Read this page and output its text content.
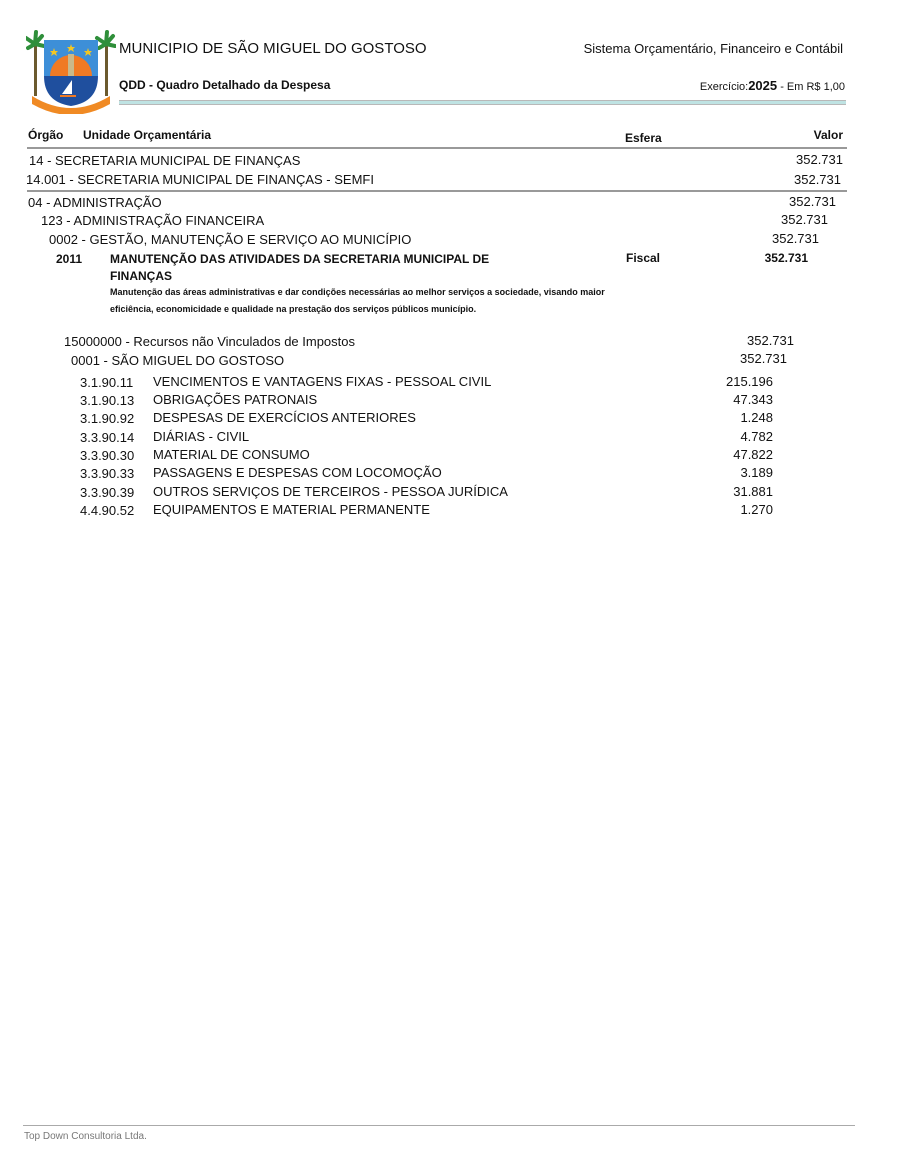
MUNICIPIO DE SÃO MIGUEL DO GOSTOSO
QDD - Quadro Detalhado da Despesa
Sistema Orçamentário, Financeiro e Contábil
Exercício:2025 - Em R$ 1,00
Órgão Unidade Orçamentária	Esfera	Valor
14 - SECRETARIA MUNICIPAL DE FINANÇAS	352.731
14.001 - SECRETARIA MUNICIPAL DE FINANÇAS - SEMFI	352.731
04 - ADMINISTRAÇÃO	352.731
123 - ADMINISTRAÇÃO FINANCEIRA	352.731
0002 - GESTÃO, MANUTENÇÃO E SERVIÇO AO MUNICÍPIO	352.731
2011 MANUTENÇÃO DAS ATIVIDADES DA SECRETARIA MUNICIPAL DE
FINANÇAS
Fiscal	352.731
Manutenção das áreas administrativas e dar condições necessárias ao melhor serviços a sociedade, visando maior eficiência, economicidade e qualidade na prestação dos serviços públicos município.
15000000 - Recursos não Vinculados de Impostos	352.731
0001 - SÃO MIGUEL DO GOSTOSO	352.731
3.1.90.11 VENCIMENTOS E VANTAGENS FIXAS - PESSOAL CIVIL	215.196
3.1.90.13 OBRIGAÇÕES PATRONAIS	47.343
3.1.90.92 DESPESAS DE EXERCÍCIOS ANTERIORES	1.248
3.3.90.14 DIÁRIAS - CIVIL	4.782
3.3.90.30 MATERIAL DE CONSUMO	47.822
3.3.90.33 PASSAGENS E DESPESAS COM LOCOMOÇÃO	3.189
3.3.90.39 OUTROS SERVIÇOS DE TERCEIROS - PESSOA JURÍDICA	31.881
4.4.90.52 EQUIPAMENTOS E MATERIAL PERMANENTE	1.270
Top Down Consultoria Ltda.
